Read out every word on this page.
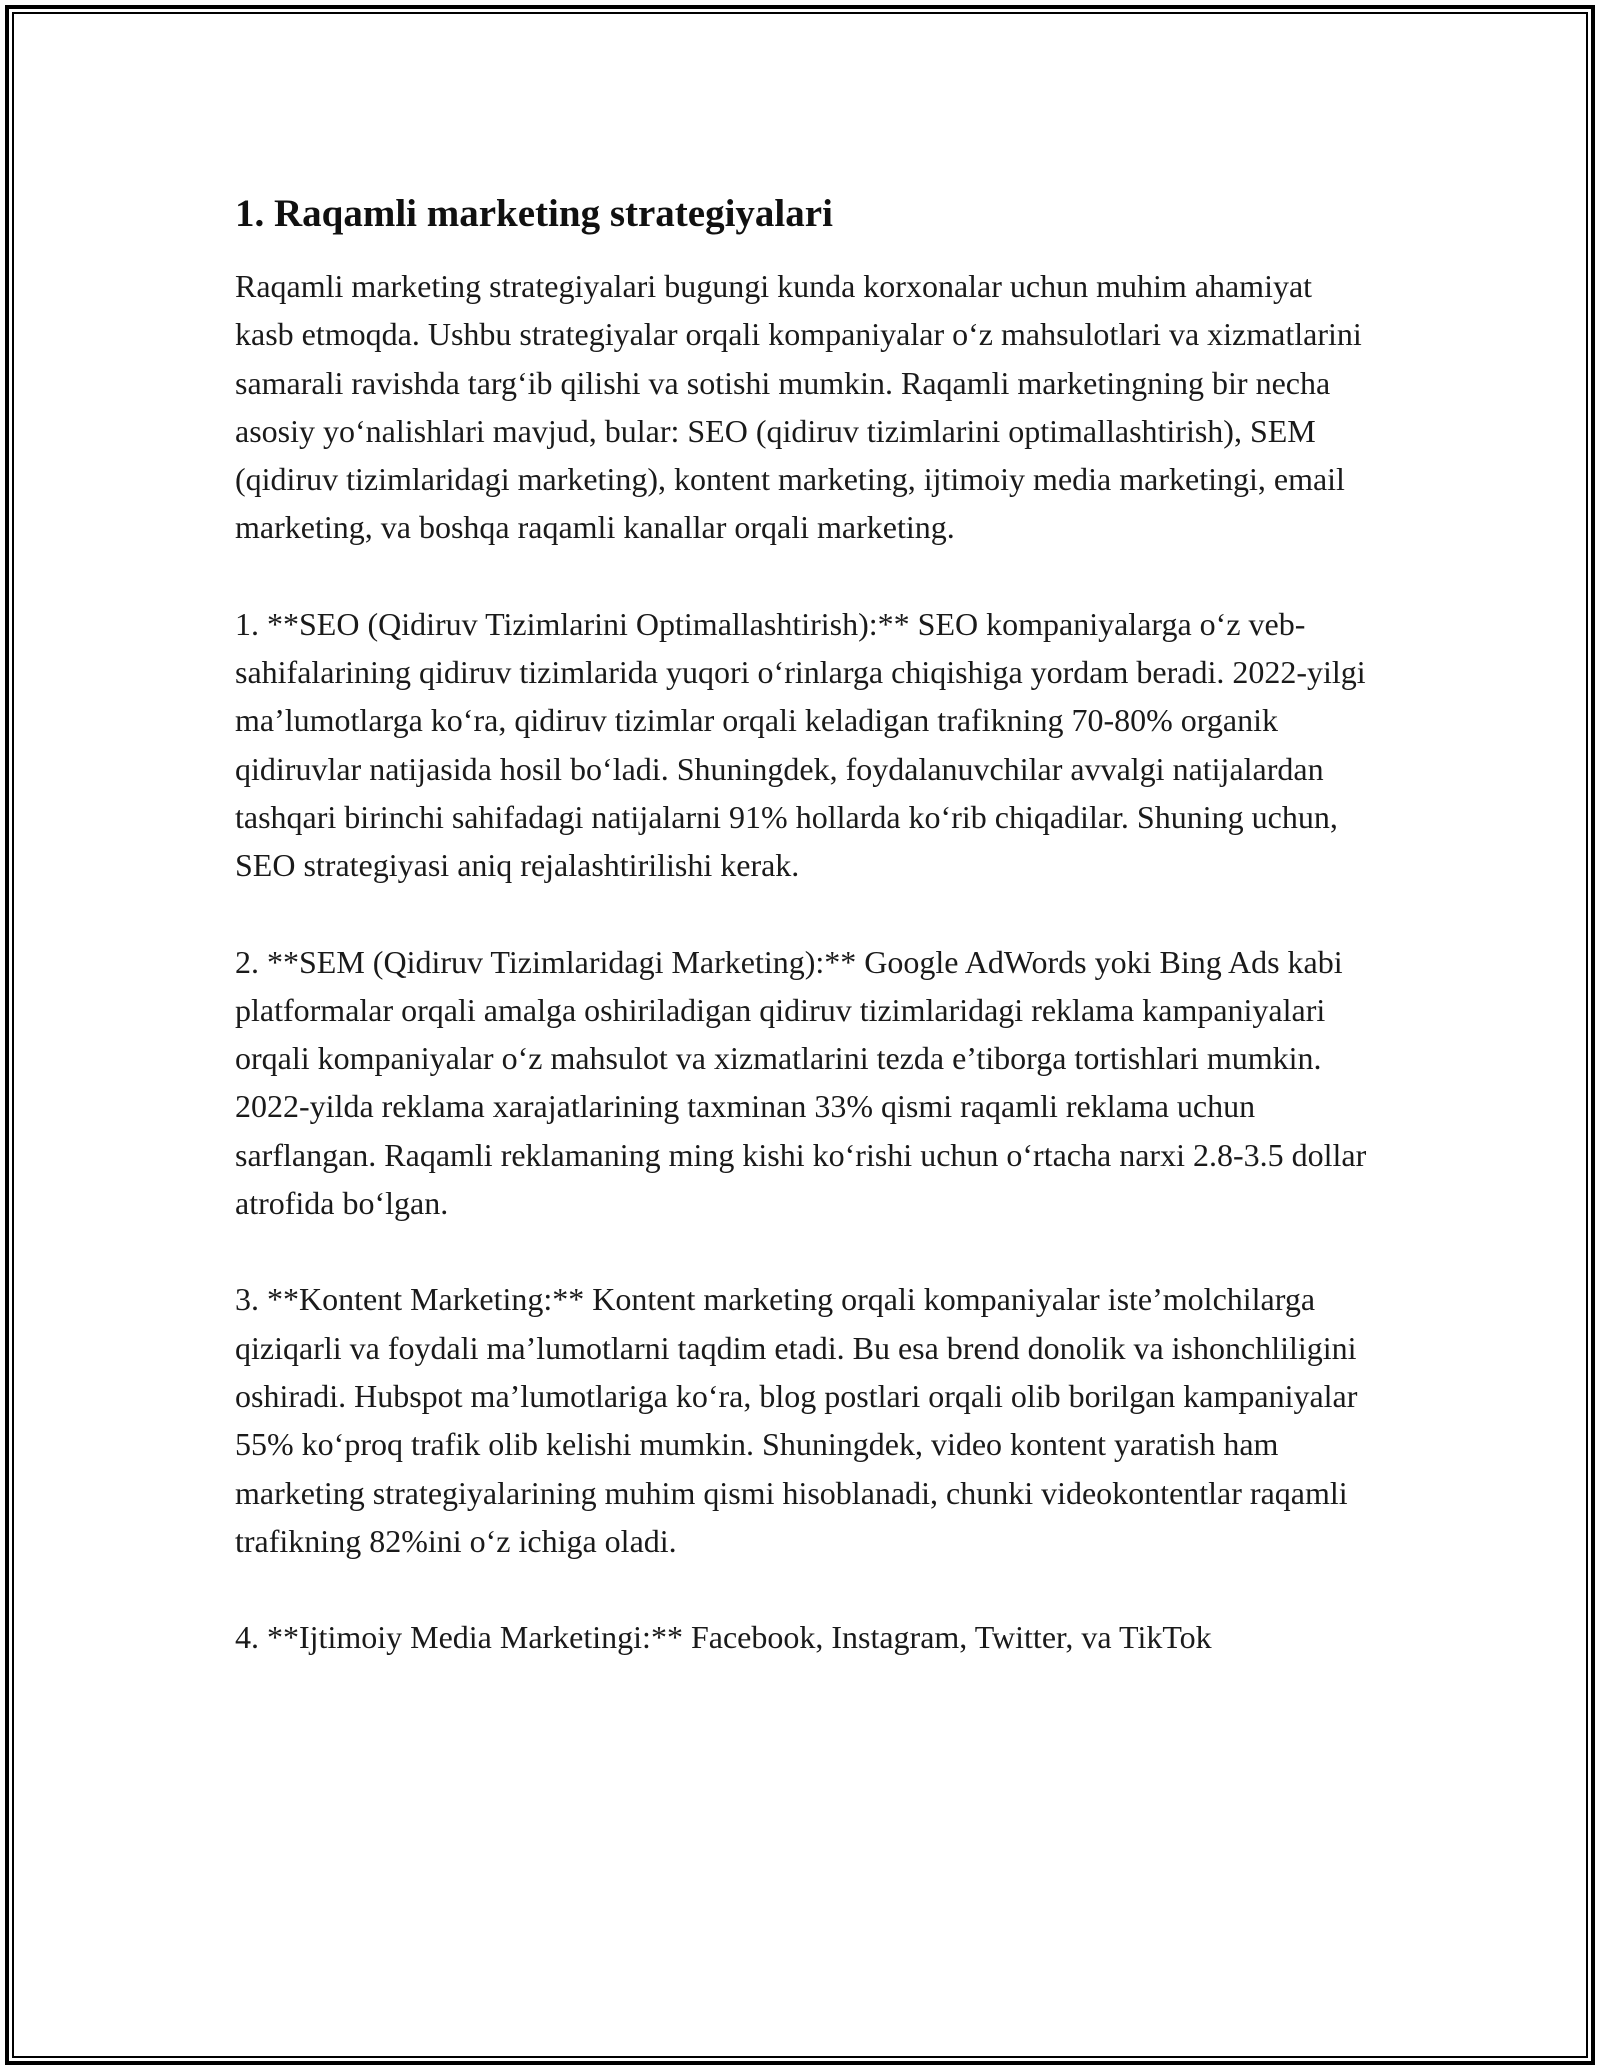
1. Raqamli marketing strategiyalari

Raqamli marketing strategiyalari bugungi kunda korxonalar uchun muhim ahamiyat kasb etmoqda. Ushbu strategiyalar orqali kompaniyalar o‘z mahsulotlari va xizmatlarini samarali ravishda targ‘ib qilishi va sotishi mumkin. Raqamli marketingning bir necha asosiy yo‘nalishlari mavjud, bular: SEO (qidiruv tizimlarini optimallashtirish), SEM (qidiruv tizimlaridagi marketing), kontent marketing, ijtimoiy media marketingi, email marketing, va boshqa raqamli kanallar orqali marketing.

1. **SEO (Qidiruv Tizimlarini Optimallashtirish):** SEO kompaniyalarga o‘z veb-sahifalarining qidiruv tizimlarida yuqori o‘rinlarga chiqishiga yordam beradi. 2022-yilgi ma’lumotlarga ko‘ra, qidiruv tizimlar orqali keladigan trafikning 70-80% organik qidiruvlar natijasida hosil bo‘ladi. Shuningdek, foydalanuvchilar avvalgi natijalardan tashqari birinchi sahifadagi natijalarni 91% hollarda ko‘rib chiqadilar. Shuning uchun, SEO strategiyasi aniq rejalashtirilishi kerak.

2. **SEM (Qidiruv Tizimlaridagi Marketing):** Google AdWords yoki Bing Ads kabi platformalar orqali amalga oshiriladigan qidiruv tizimlaridagi reklama kampaniyalari orqali kompaniyalar o‘z mahsulot va xizmatlarini tezda e’tiborga tortishlari mumkin. 2022-yilda reklama xarajatlarining taxminan 33% qismi raqamli reklama uchun sarflangan. Raqamli reklamaning ming kishi ko‘rishi uchun o‘rtacha narxi 2.8-3.5 dollar atrofida bo‘lgan.

3. **Kontent Marketing:** Kontent marketing orqali kompaniyalar iste’molchilarga qiziqarli va foydali ma’lumotlarni taqdim etadi. Bu esa brend donolik va ishonchliligini oshiradi. Hubspot ma’lumotlariga ko‘ra, blog postlari orqali olib borilgan kampaniyalar 55% ko‘proq trafik olib kelishi mumkin. Shuningdek, video kontent yaratish ham marketing strategiyalarining muhim qismi hisoblanadi, chunki videokontentlar raqamli trafikning 82%ini o‘z ichiga oladi.

4. **Ijtimoiy Media Marketingi:** Facebook, Instagram, Twitter, va TikTok
